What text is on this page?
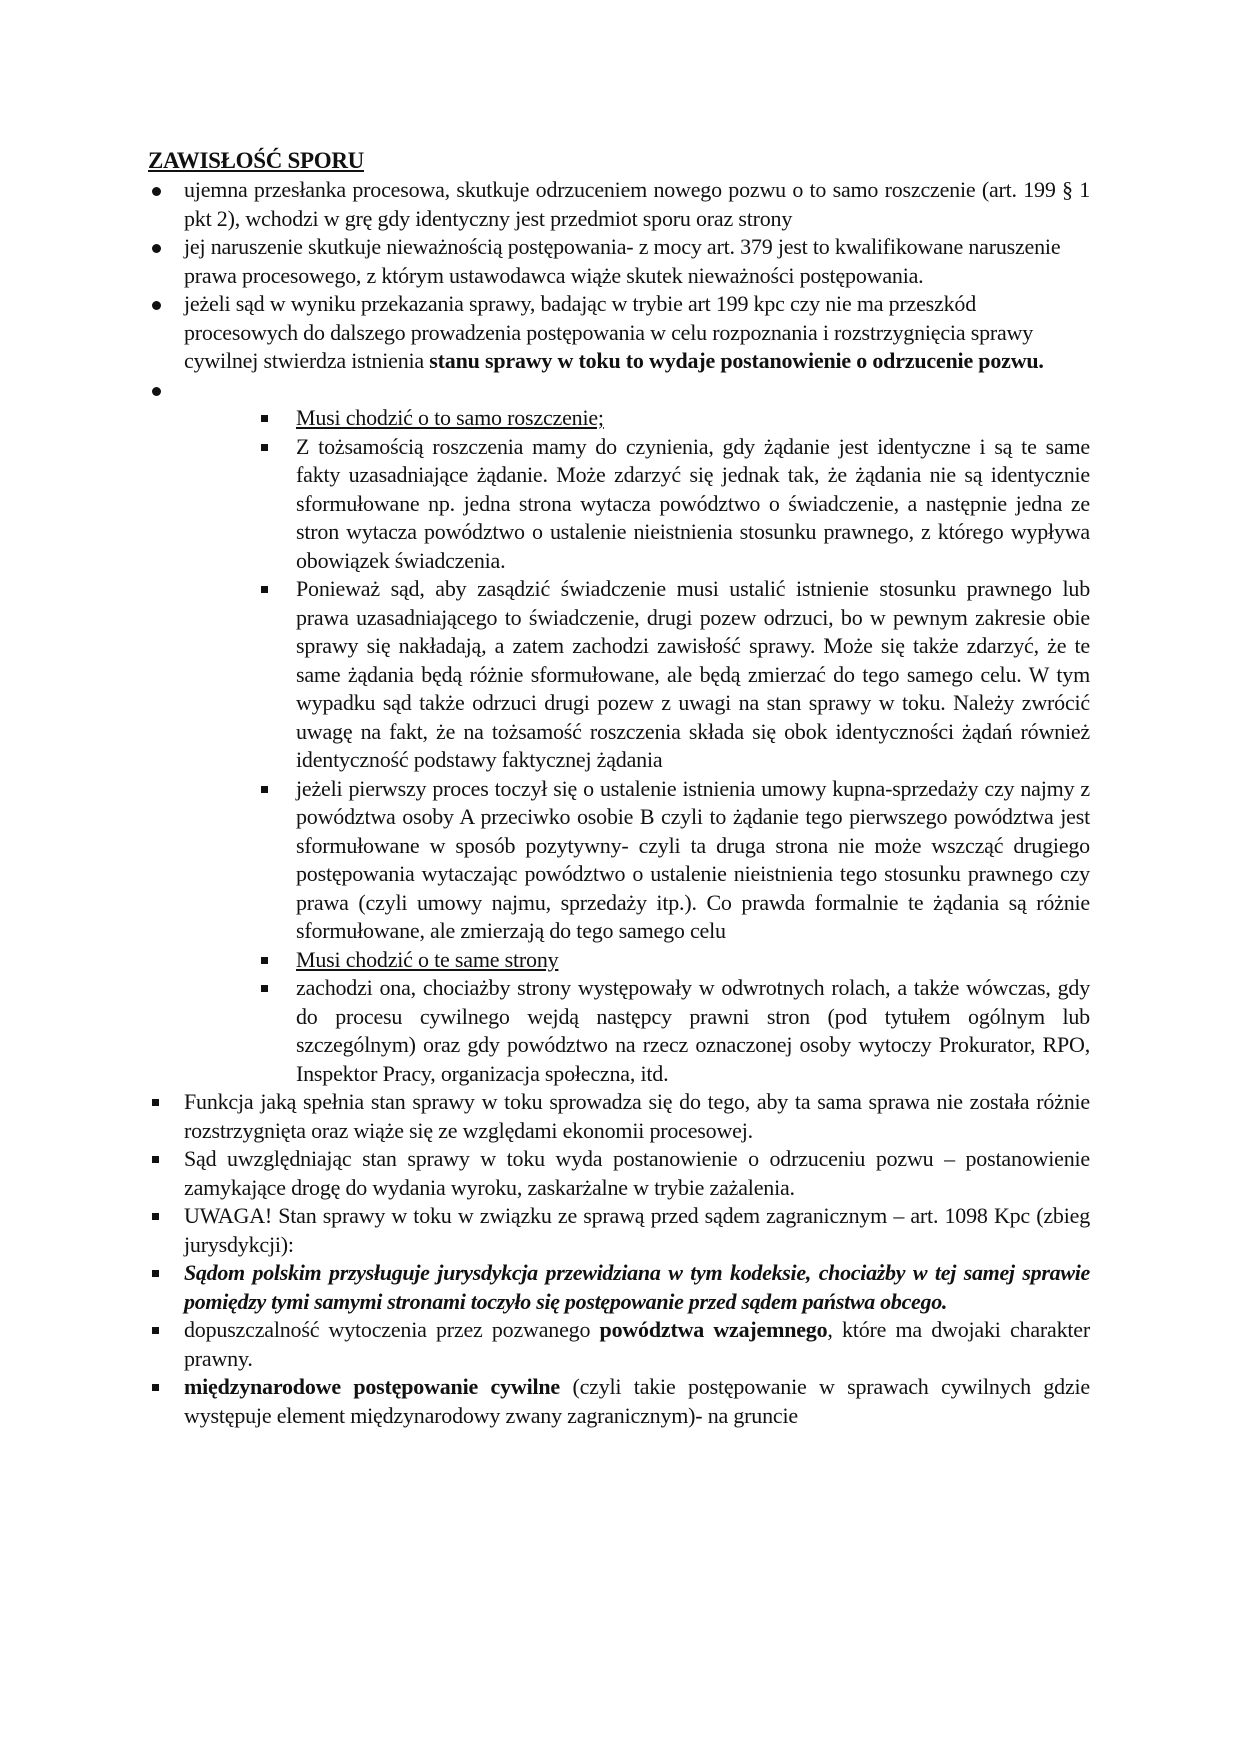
ZAWISŁOŚĆ SPORU
ujemna przesłanka procesowa, skutkuje odrzuceniem nowego pozwu o to samo roszczenie (art. 199 § 1 pkt 2), wchodzi w grę gdy identyczny jest przedmiot sporu oraz strony
jej naruszenie skutkuje nieważnością postępowania- z mocy art. 379 jest to kwalifikowane naruszenie prawa procesowego, z którym ustawodawca wiąże skutek nieważności postępowania.
jeżeli sąd w wyniku przekazania sprawy, badając w trybie art 199 kpc czy nie ma przeszkód procesowych do dalszego prowadzenia postępowania w celu rozpoznania i rozstrzygnięcia sprawy cywilnej stwierdza istnienia stanu sprawy w toku to wydaje postanowienie o odrzucenie pozwu.
Musi chodzić o to samo roszczenie;
Z tożsamością roszczenia mamy do czynienia, gdy żądanie jest identyczne i są te same fakty uzasadniające żądanie. Może zdarzyć się jednak tak, że żądania nie są identycznie sformułowane np. jedna strona wytacza powództwo o świadczenie, a następnie jedna ze stron wytacza powództwo o ustalenie nieistnienia stosunku prawnego, z którego wypływa obowiązek świadczenia.
Ponieważ sąd, aby zasądzić świadczenie musi ustalić istnienie stosunku prawnego lub prawa uzasadniającego to świadczenie, drugi pozew odrzuci, bo w pewnym zakresie obie sprawy się nakładają, a zatem zachodzi zawisłość sprawy. Może się także zdarzyć, że te same żądania będą różnie sformułowane, ale będą zmierzać do tego samego celu. W tym wypadku sąd także odrzuci drugi pozew z uwagi na stan sprawy w toku. Należy zwrócić uwagę na fakt, że na tożsamość roszczenia składa się obok identyczności żądań również identyczność podstawy faktycznej żądania
jeżeli pierwszy proces toczył się o ustalenie istnienia umowy kupna-sprzedaży czy najmy z powództwa osoby A przeciwko osobie B czyli to żądanie tego pierwszego powództwa jest sformułowane w sposób pozytywny- czyli ta druga strona nie może wszcząć drugiego postępowania wytaczając powództwo o ustalenie nieistnienia tego stosunku prawnego czy prawa (czyli umowy najmu, sprzedaży itp.). Co prawda formalnie te żądania są różnie sformułowane, ale zmierzają do tego samego celu
Musi chodzić o te same strony
zachodzi ona, chociażby strony występowały w odwrotnych rolach, a także wówczas, gdy do procesu cywilnego wejdą następcy prawni stron (pod tytułem ogólnym lub szczególnym) oraz gdy powództwo na rzecz oznaczonej osoby wytoczy Prokurator, RPO, Inspektor Pracy, organizacja społeczna, itd.
Funkcja jaką spełnia stan sprawy w toku sprowadza się do tego, aby ta sama sprawa nie została różnie rozstrzygnięta oraz wiąże się ze względami ekonomii procesowej.
Sąd uwzględniając stan sprawy w toku wyda postanowienie o odrzuceniu pozwu – postanowienie zamykające drogę do wydania wyroku, zaskarżalne w trybie zażalenia.
UWAGA! Stan sprawy w toku w związku ze sprawą przed sądem zagranicznym – art. 1098 Kpc (zbieg jurysdykcji):
Sądom polskim przysługuje jurysdykcja przewidziana w tym kodeksie, chociażby w tej samej sprawie pomiędzy tymi samymi stronami toczyło się postępowanie przed sądem państwa obcego.
dopuszczalność wytoczenia przez pozwanego powództwa wzajemnego, które ma dwojaki charakter prawny.
międzynarodowe postępowanie cywilne (czyli takie postępowanie w sprawach cywilnych gdzie występuje element międzynarodowy zwany zagranicznym)- na gruncie
